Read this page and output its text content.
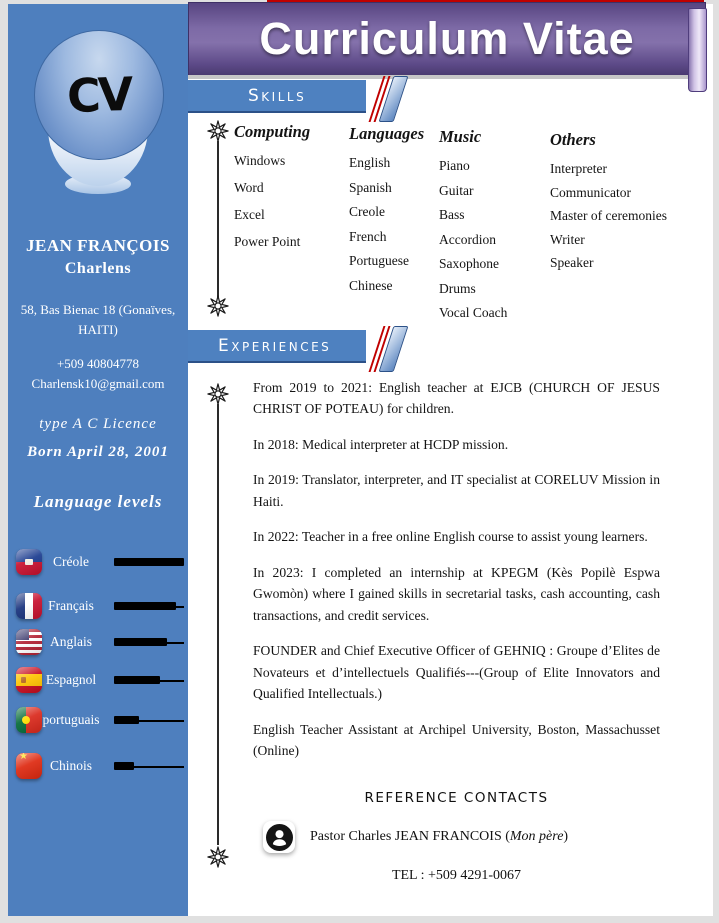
CV
JEAN FRANÇOIS
Charlens
58, Bas Bienac 18 (Gonaïves,
HAITI)
+509 40804778
Charlensk10@gmail.com
type A C Licence
Born April 28, 2001
Language levels
Créole
Français
Anglais
Espagnol
portuguais
★
Chinois
Curriculum Vitae
Skills
Computing
Windows
Word
Excel
Power Point
Languages
English
Spanish
Creole
French
Portuguese
Chinese
Music
Piano
Guitar
Bass
Accordion
Saxophone
Drums
Vocal Coach
Others
Interpreter
Communicator
Master of ceremonies
Writer
Speaker
Experiences

From 2019 to 2021: English teacher at EJCB (CHURCH OF JESUS CHRIST OF POTEAU) for children.

In 2018: Medical interpreter at HCDP mission.

In 2019: Translator, interpreter, and IT specialist at CORELUV Mission in Haiti.

In 2022: Teacher in a free online English course to assist young learners.

In 2023: I completed an internship at KPEGM (Kès Popilè Espwa Gwomòn) where I gained skills in secretarial tasks, cash accounting, cash transactions, and credit services.

FOUNDER and Chief Executive Officer of GEHNIQ : Groupe d’Elites de Novateurs et d’intellectuels Qualifiés---(Group of Elite Innovators and Qualified Intellectuals.)

English Teacher Assistant at Archipel University, Boston, Massachusset (Online)

REFERENCE CONTACTS
Pastor Charles JEAN FRANCOIS (Mon père)
TEL : +509 4291-0067
